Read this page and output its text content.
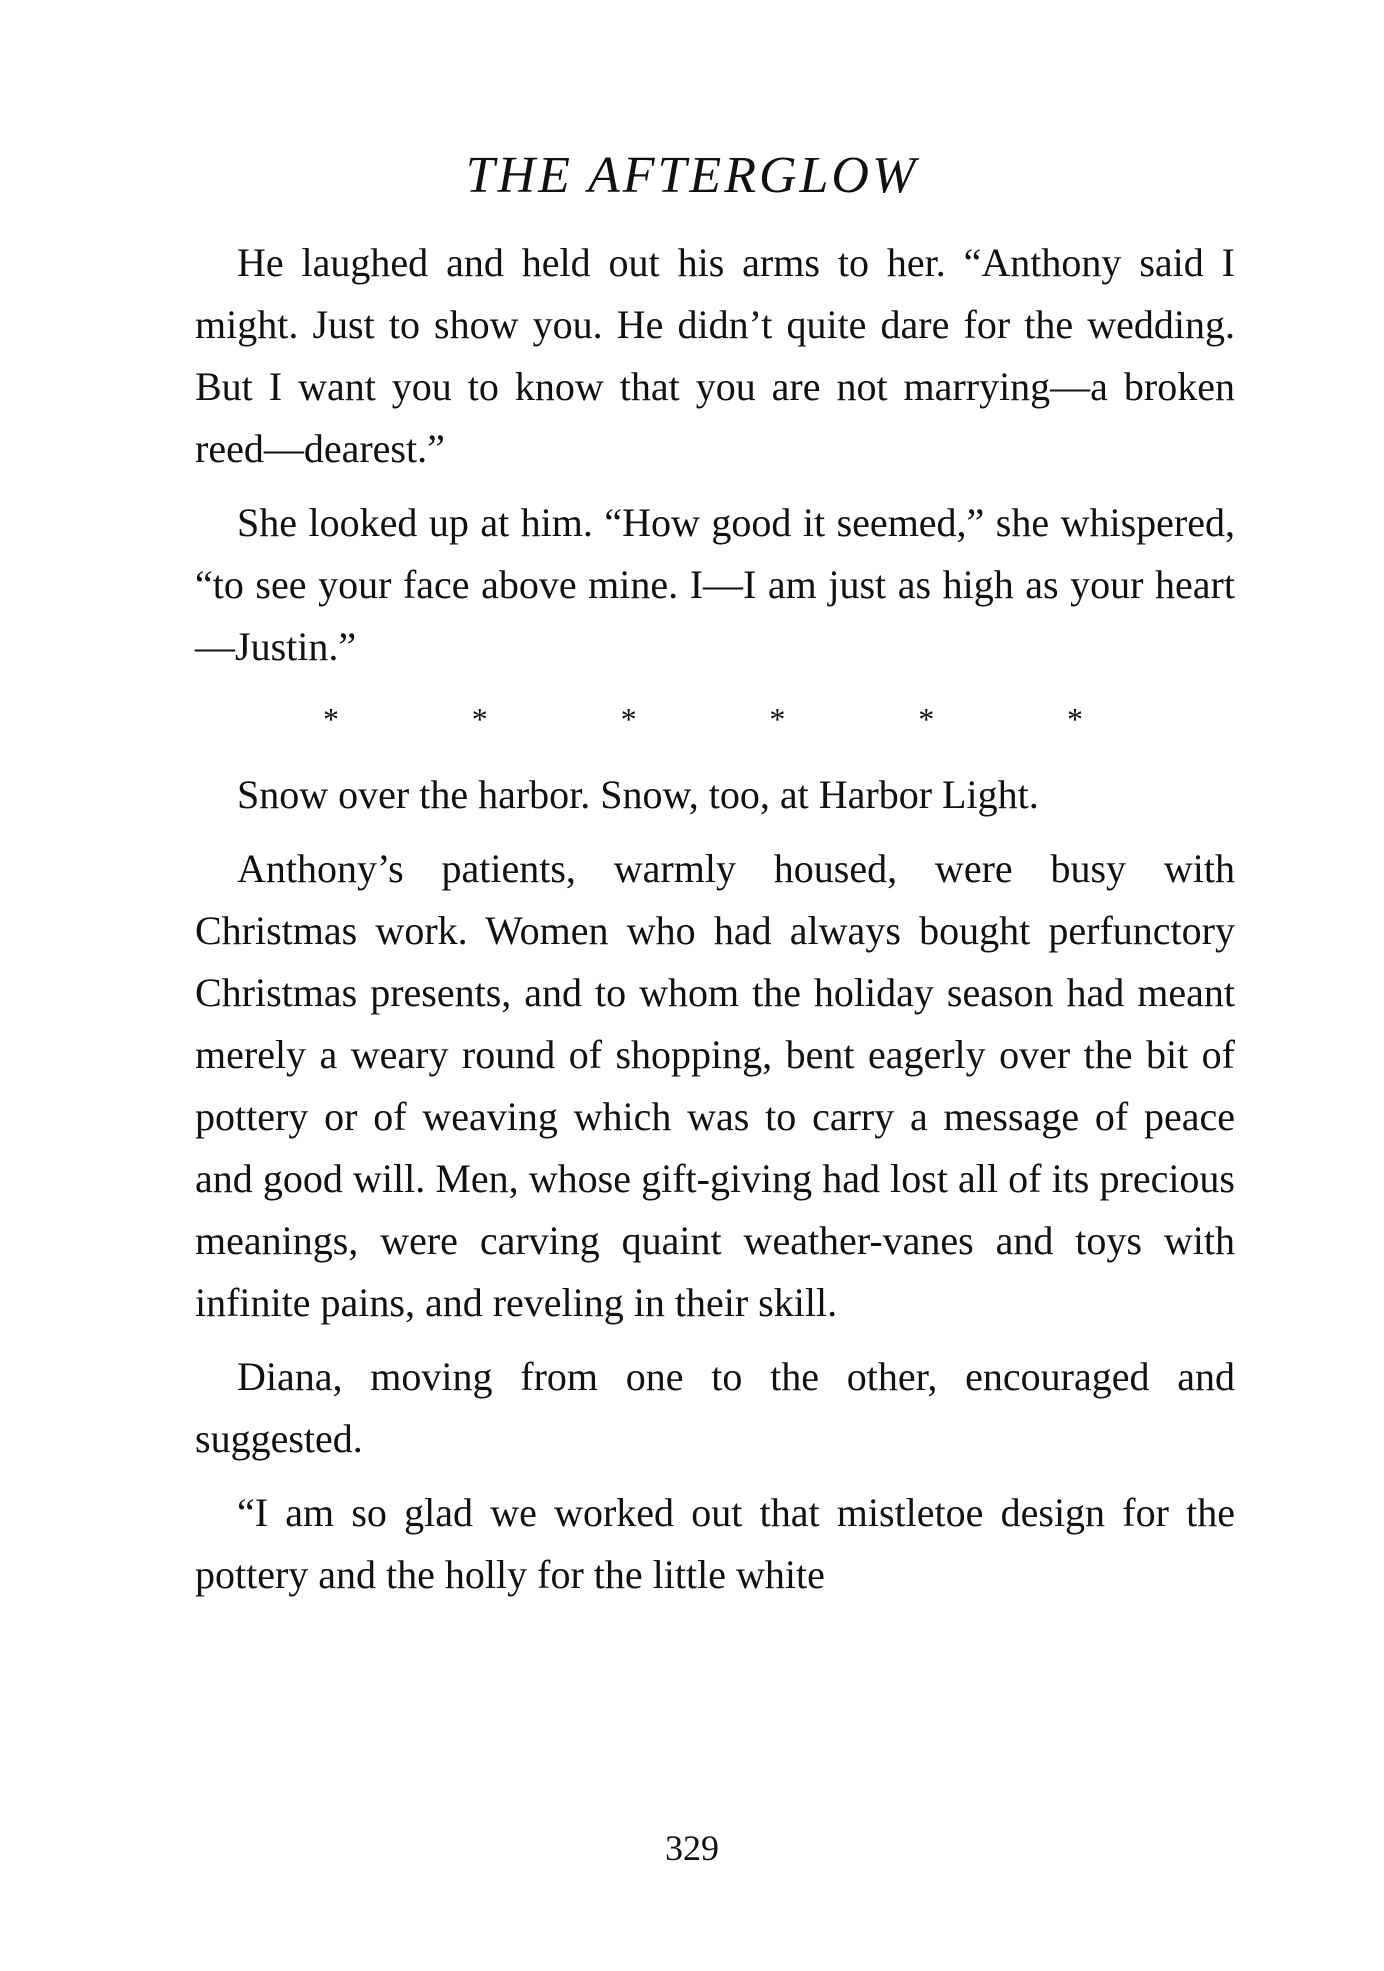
THE AFTERGLOW

He laughed and held out his arms to her. “Anthony said I might. Just to show you. He didn’t quite dare for the wedding. But I want you to know that you are not marrying—a broken reed—dearest.”

She looked up at him. “How good it seemed,” she whispered, “to see your face above mine. I—I am just as high as your heart—Justin.”

*	*	*	*	*	*

Snow over the harbor. Snow, too, at Harbor Light.

Anthony’s patients, warmly housed, were busy with Christmas work. Women who had always bought perfunctory Christmas presents, and to whom the holiday season had meant merely a weary round of shopping, bent eagerly over the bit of pottery or of weaving which was to carry a message of peace and good will. Men, whose gift-giving had lost all of its precious meanings, were carving quaint weather-vanes and toys with infinite pains, and reveling in their skill.

Diana, moving from one to the other, encouraged and suggested.

“I am so glad we worked out that mistletoe design for the pottery and the holly for the little white

329
